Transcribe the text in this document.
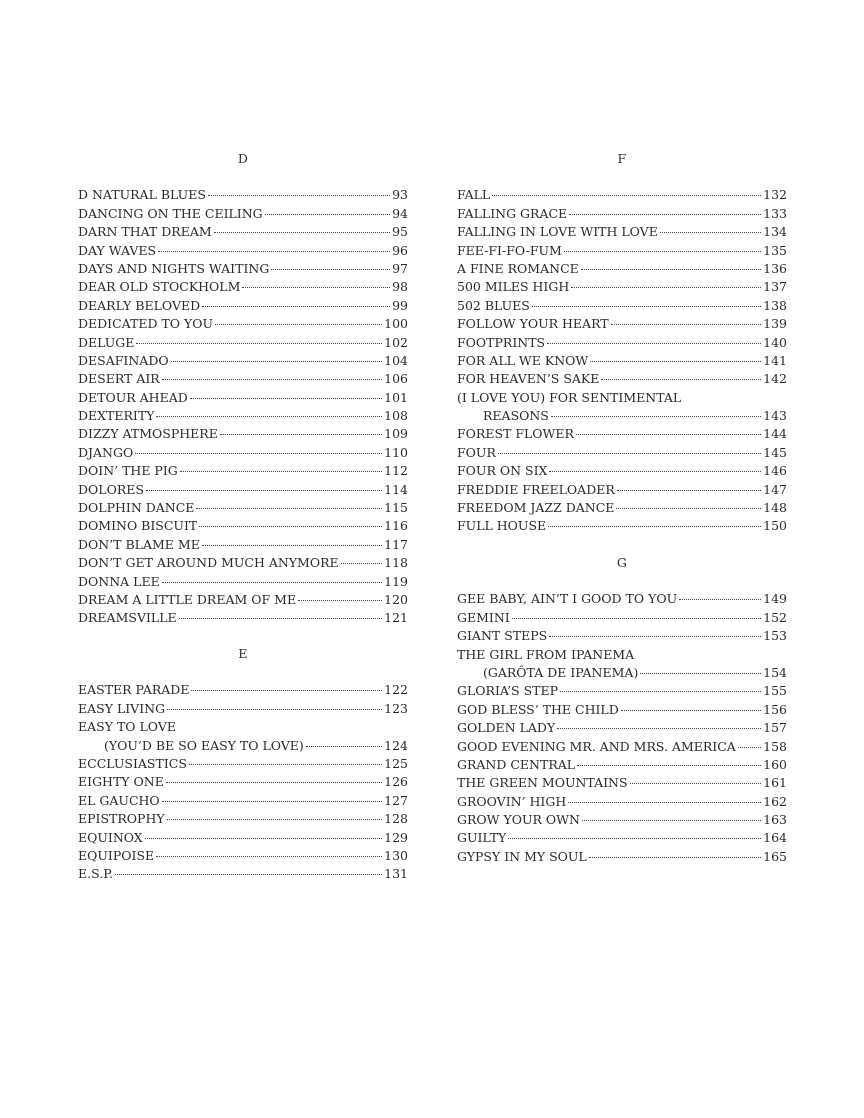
D
D NATURAL BLUES	93
DANCING ON THE CEILING	94
DARN THAT DREAM	95
DAY WAVES	96
DAYS AND NIGHTS WAITING	97
DEAR OLD STOCKHOLM	98
DEARLY BELOVED	99
DEDICATED TO YOU	100
DELUGE	102
DESAFINADO	104
DESERT AIR	106
DETOUR AHEAD	101
DEXTERITY	108
DIZZY ATMOSPHERE	109
DJANGO	110
DOIN’ THE PIG	112
DOLORES	114
DOLPHIN DANCE	115
DOMINO BISCUIT	116
DON’T BLAME ME	117
DON’T GET AROUND MUCH ANYMORE	118
DONNA LEE	119
DREAM A LITTLE DREAM OF ME	120
DREAMSVILLE	121
E
EASTER PARADE	122
EASY LIVING	123
EASY TO LOVE
(YOU’D BE SO EASY TO LOVE)	124
ECCLUSIASTICS	125
EIGHTY ONE	126
EL GAUCHO	127
EPISTROPHY	128
EQUINOX	129
EQUIPOISE	130
E.S.P.	131
F
FALL	132
FALLING GRACE	133
FALLING IN LOVE WITH LOVE	134
FEE-FI-FO-FUM	135
A FINE ROMANCE	136
500 MILES HIGH	137
502 BLUES	138
FOLLOW YOUR HEART	139
FOOTPRINTS	140
FOR ALL WE KNOW	141
FOR HEAVEN’S SAKE	142
(I LOVE YOU) FOR SENTIMENTAL
REASONS	143
FOREST FLOWER	144
FOUR	145
FOUR ON SIX	146
FREDDIE FREELOADER	147
FREEDOM JAZZ DANCE	148
FULL HOUSE	150
G
GEE BABY, AIN’T I GOOD TO YOU	149
GEMINI	152
GIANT STEPS	153
THE GIRL FROM IPANEMA
(GARÔTA DE IPANEMA)	154
GLORIA’S STEP	155
GOD BLESS’ THE CHILD	156
GOLDEN LADY	157
GOOD EVENING MR. AND MRS. AMERICA 158
GRAND CENTRAL	160
THE GREEN MOUNTAINS	161
GROOVIN’ HIGH	162
GROW YOUR OWN	163
GUILTY	164
GYPSY IN MY SOUL	165
